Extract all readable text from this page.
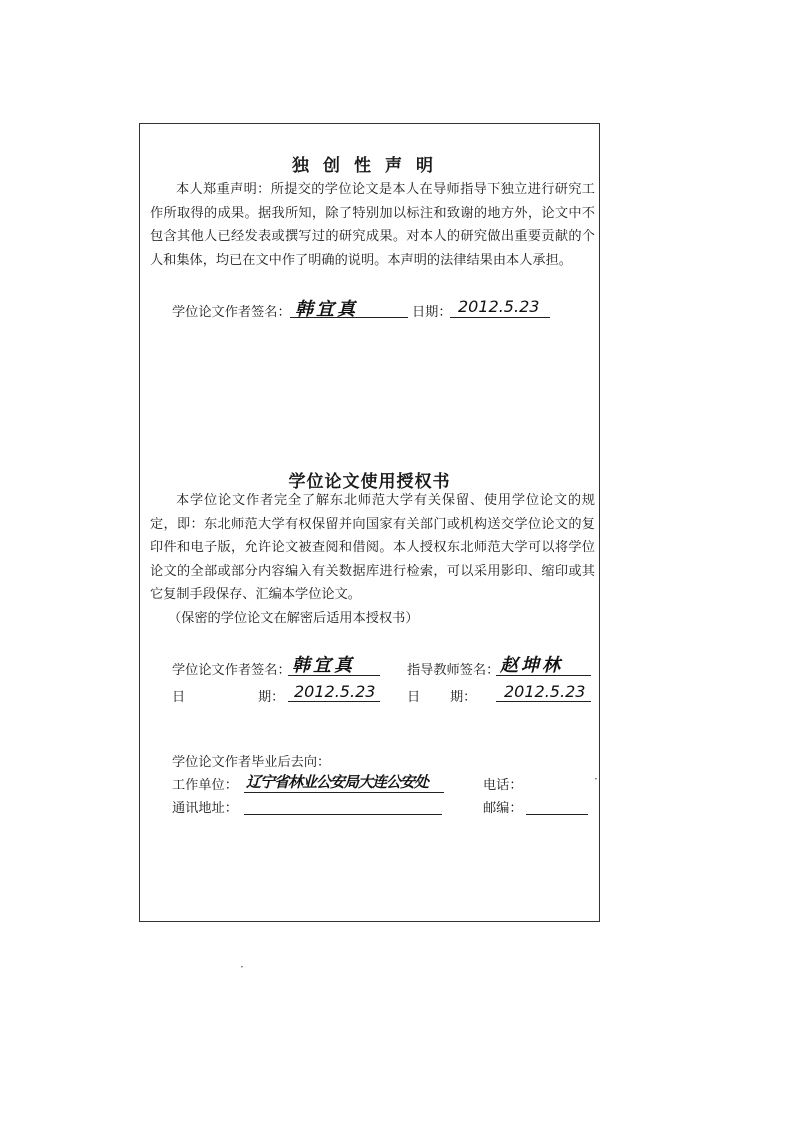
独创性声明
本人郑重声明：所提交的学位论文是本人在导师指导下独立进行研究工作所取得的成果。据我所知，除了特别加以标注和致谢的地方外，论文中不包含其他人已经发表或撰写过的研究成果。对本人的研究做出重要贡献的个人和集体，均已在文中作了明确的说明。本声明的法律结果由本人承担。
学位论文作者签名： 韩宜真	日期： 2012.5.23
学位论文使用授权书
本学位论文作者完全了解东北师范大学有关保留、使用学位论文的规定，即：东北师范大学有权保留并向国家有关部门或机构送交学位论文的复印件和电子版，允许论文被查阅和借阅。本人授权东北师范大学可以将学位论文的全部或部分内容编入有关数据库进行检索，可以采用影印、缩印或其它复制手段保存、汇编本学位论文。
（保密的学位论文在解密后适用本授权书）
学位论文作者签名： 韩宜真	指导教师签名： 赵坤林
日	期： 2012.5.23 日 期： 2012.5.23
学位论文作者毕业后去向：
工作单位： 辽宁省林业公安局大连公安处	电话：
通讯地址：	邮编：
·
·
